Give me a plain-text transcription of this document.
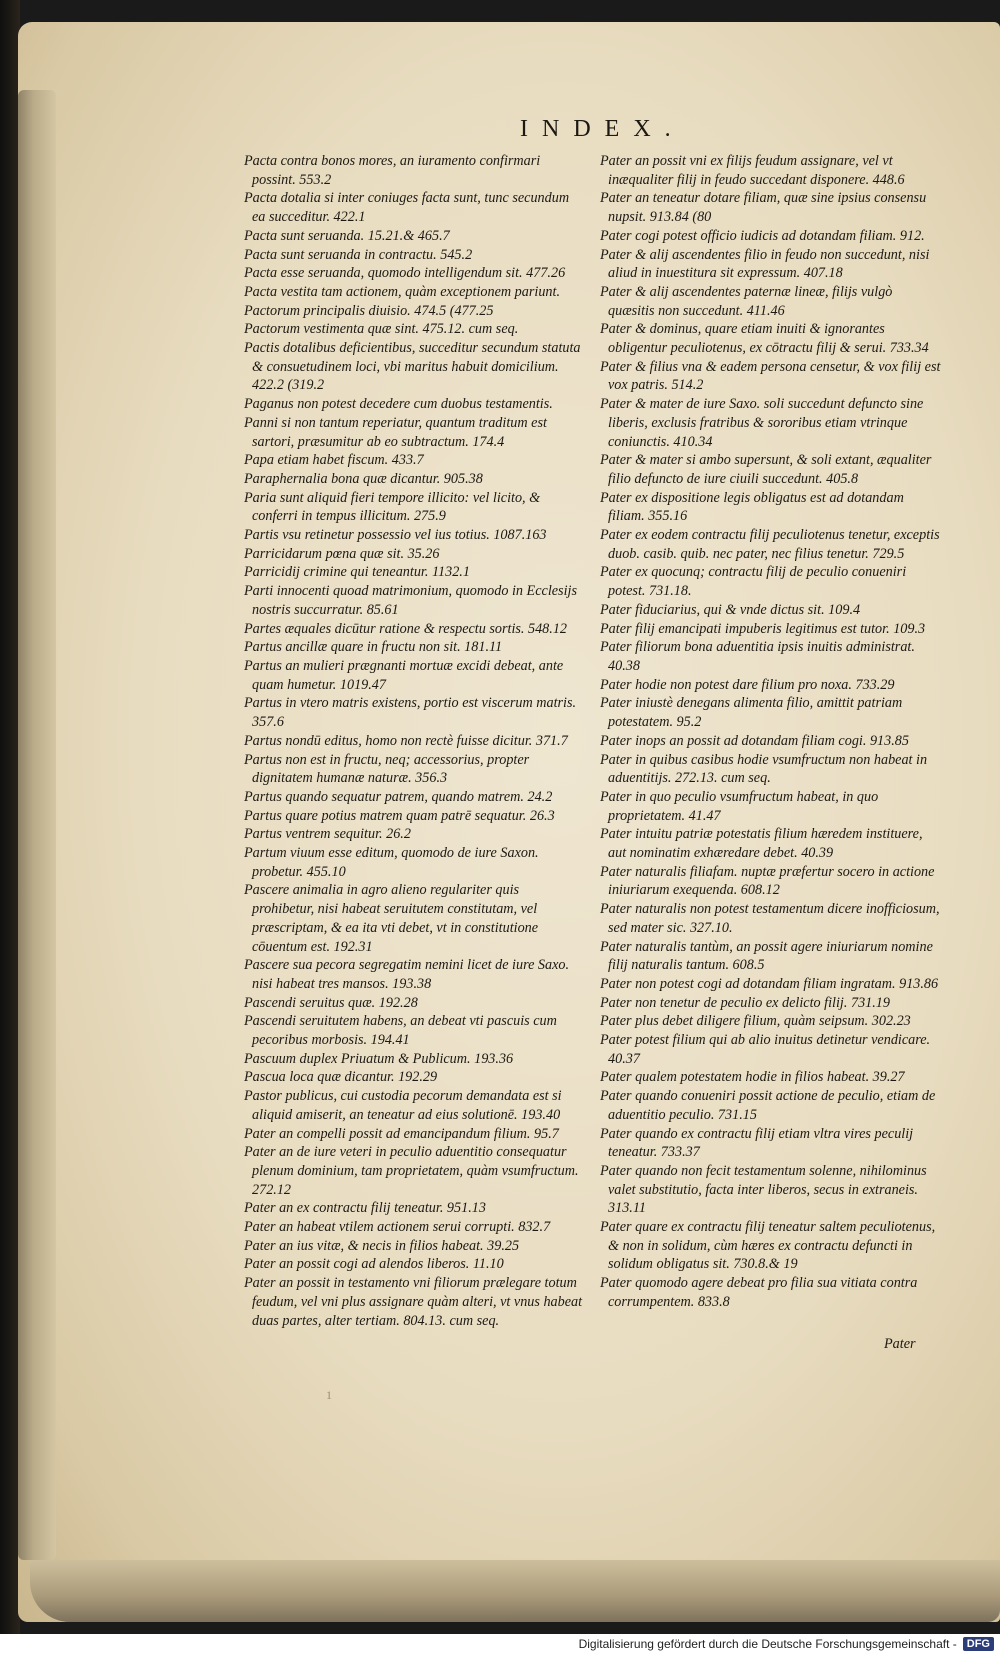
INDEX.

Pacta contra bonos mores, an iuramento confirmari possint. 553.2

Pacta dotalia si inter coniuges facta sunt, tunc secundum ea succeditur. 422.1

Pacta sunt seruanda. 15.21.& 465.7

Pacta sunt seruanda in contractu. 545.2

Pacta esse seruanda, quomodo intelligendum sit. 477.26

Pacta vestita tam actionem, quàm exceptionem pariunt.

Pactorum principalis diuisio. 474.5 (477.25

Pactorum vestimenta quæ sint. 475.12. cum seq.

Pactis dotalibus deficientibus, succeditur secundum statuta & consuetudinem loci, vbi maritus habuit domicilium. 422.2 (319.2

Paganus non potest decedere cum duobus testamentis.

Panni si non tantum reperiatur, quantum traditum est sartori, præsumitur ab eo subtractum. 174.4

Papa etiam habet fiscum. 433.7

Paraphernalia bona quæ dicantur. 905.38

Paria sunt aliquid fieri tempore illicito: vel licito, & conferri in tempus illicitum. 275.9

Partis vsu retinetur possessio vel ius totius. 1087.163

Parricidarum pœna quæ sit. 35.26

Parricidij crimine qui teneantur. 1132.1

Parti innocenti quoad matrimonium, quomodo in Ecclesijs nostris succurratur. 85.61

Partes æquales dicūtur ratione & respectu sortis. 548.12

Partus ancillæ quare in fructu non sit. 181.11

Partus an mulieri prægnanti mortuæ excidi debeat, ante quam humetur. 1019.47

Partus in vtero matris existens, portio est viscerum matris. 357.6

Partus nondū editus, homo non rectè fuisse dicitur. 371.7

Partus non est in fructu, neq; accessorius, propter dignitatem humanæ naturæ. 356.3

Partus quando sequatur patrem, quando matrem. 24.2

Partus quare potius matrem quam patrē sequatur. 26.3

Partus ventrem sequitur. 26.2

Partum viuum esse editum, quomodo de iure Saxon. probetur. 455.10

Pascere animalia in agro alieno regulariter quis prohibetur, nisi habeat seruitutem constitutam, vel præscriptam, & ea ita vti debet, vt in constitutione cōuentum est. 192.31

Pascere sua pecora segregatim nemini licet de iure Saxo. nisi habeat tres mansos. 193.38

Pascendi seruitus quæ. 192.28

Pascendi seruitutem habens, an debeat vti pascuis cum pecoribus morbosis. 194.41

Pascuum duplex Priuatum & Publicum. 193.36

Pascua loca quæ dicantur. 192.29

Pastor publicus, cui custodia pecorum demandata est si aliquid amiserit, an teneatur ad eius solutionē. 193.40

Pater an compelli possit ad emancipandum filium. 95.7

Pater an de iure veteri in peculio aduentitio consequatur plenum dominium, tam proprietatem, quàm vsumfructum. 272.12

Pater an ex contractu filij teneatur. 951.13

Pater an habeat vtilem actionem serui corrupti. 832.7

Pater an ius vitæ, & necis in filios habeat. 39.25

Pater an possit cogi ad alendos liberos. 11.10

Pater an possit in testamento vni filiorum prælegare totum feudum, vel vni plus assignare quàm alteri, vt vnus habeat duas partes, alter tertiam. 804.13. cum seq.

Pater an possit vni ex filijs feudum assignare, vel vt inæqualiter filij in feudo succedant disponere. 448.6

Pater an teneatur dotare filiam, quæ sine ipsius consensu nupsit. 913.84 (80

Pater cogi potest officio iudicis ad dotandam filiam. 912.

Pater & alij ascendentes filio in feudo non succedunt, nisi aliud in inuestitura sit expressum. 407.18

Pater & alij ascendentes paternæ lineæ, filijs vulgò quæsitis non succedunt. 411.46

Pater & dominus, quare etiam inuiti & ignorantes obligentur peculiotenus, ex cōtractu filij & serui. 733.34

Pater & filius vna & eadem persona censetur, & vox filij est vox patris. 514.2

Pater & mater de iure Saxo. soli succedunt defuncto sine liberis, exclusis fratribus & sororibus etiam vtrinque coniunctis. 410.34

Pater & mater si ambo supersunt, & soli extant, æqualiter filio defuncto de iure ciuili succedunt. 405.8

Pater ex dispositione legis obligatus est ad dotandam filiam. 355.16

Pater ex eodem contractu filij peculiotenus tenetur, exceptis duob. casib. quib. nec pater, nec filius tenetur. 729.5

Pater ex quocunq; contractu filij de peculio conueniri potest. 731.18.

Pater fiduciarius, qui & vnde dictus sit. 109.4

Pater filij emancipati impuberis legitimus est tutor. 109.3

Pater filiorum bona aduentitia ipsis inuitis administrat. 40.38

Pater hodie non potest dare filium pro noxa. 733.29

Pater iniustè denegans alimenta filio, amittit patriam potestatem. 95.2

Pater inops an possit ad dotandam filiam cogi. 913.85

Pater in quibus casibus hodie vsumfructum non habeat in aduentitijs. 272.13. cum seq.

Pater in quo peculio vsumfructum habeat, in quo proprietatem. 41.47

Pater intuitu patriæ potestatis filium hæredem instituere, aut nominatim exhæredare debet. 40.39

Pater naturalis filiafam. nuptæ præfertur socero in actione iniuriarum exequenda. 608.12

Pater naturalis non potest testamentum dicere inofficiosum, sed mater sic. 327.10.

Pater naturalis tantùm, an possit agere iniuriarum nomine filij naturalis tantum. 608.5

Pater non potest cogi ad dotandam filiam ingratam. 913.86

Pater non tenetur de peculio ex delicto filij. 731.19

Pater plus debet diligere filium, quàm seipsum. 302.23

Pater potest filium qui ab alio inuitus detinetur vendicare. 40.37

Pater qualem potestatem hodie in filios habeat. 39.27

Pater quando conueniri possit actione de peculio, etiam de aduentitio peculio. 731.15

Pater quando ex contractu filij etiam vltra vires peculij teneatur. 733.37

Pater quando non fecit testamentum solenne, nihilominus valet substitutio, facta inter liberos, secus in extraneis. 313.11

Pater quare ex contractu filij teneatur saltem peculiotenus, & non in solidum, cùm hæres ex contractu defuncti in solidum obligatus sit. 730.8.& 19

Pater quomodo agere debeat pro filia sua vitiata contra corrumpentem. 833.8

Pater
1
Digitalisierung gefördert durch die Deutsche Forschungsgemeinschaft - DFG
